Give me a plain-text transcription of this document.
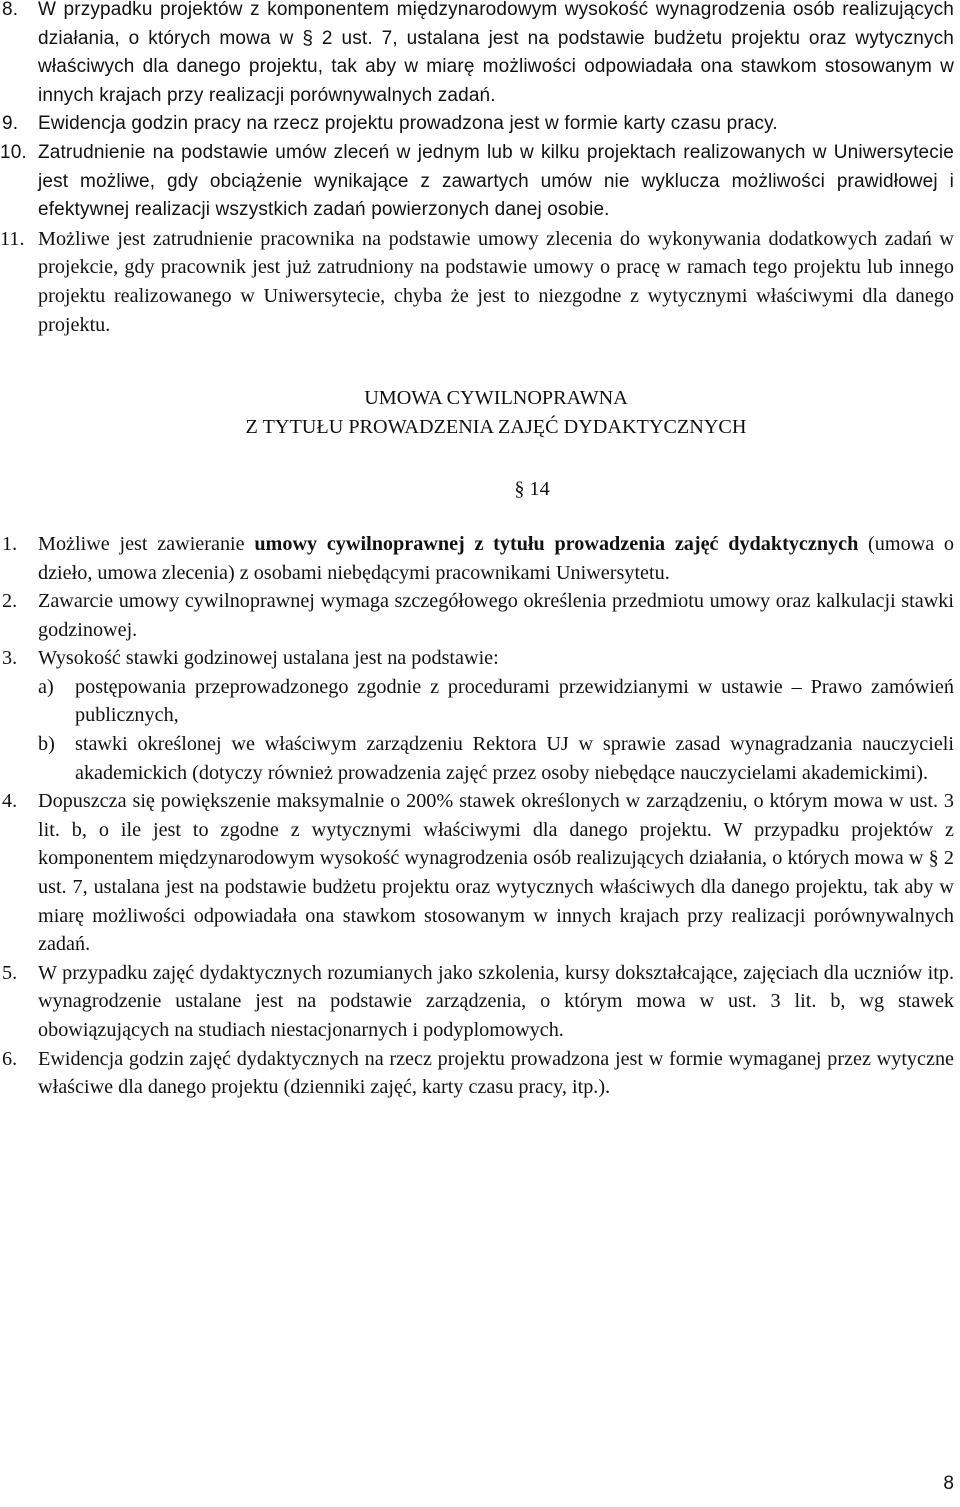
8. W przypadku projektów z komponentem międzynarodowym wysokość wynagrodzenia osób realizujących działania, o których mowa w § 2 ust. 7, ustalana jest na podstawie budżetu projektu oraz wytycznych właściwych dla danego projektu, tak aby w miarę możliwości odpowiadała ona stawkom stosowanym w innych krajach przy realizacji porównywalnych zadań.
9. Ewidencja godzin pracy na rzecz projektu prowadzona jest w formie karty czasu pracy.
10. Zatrudnienie na podstawie umów zleceń w jednym lub w kilku projektach realizowanych w Uniwersytecie jest możliwe, gdy obciążenie wynikające z zawartych umów nie wyklucza możliwości prawidłowej i efektywnej realizacji wszystkich zadań powierzonych danej osobie.
11. Możliwe jest zatrudnienie pracownika na podstawie umowy zlecenia do wykonywania dodatkowych zadań w projekcie, gdy pracownik jest już zatrudniony na podstawie umowy o pracę w ramach tego projektu lub innego projektu realizowanego w Uniwersytecie, chyba że jest to niezgodne z wytycznymi właściwymi dla danego projektu.
UMOWA CYWILNOPRAWNA
Z TYTUŁU PROWADZENIA ZAJĘĆ DYDAKTYCZNYCH
§ 14
1. Możliwe jest zawieranie umowy cywilnoprawnej z tytułu prowadzenia zajęć dydaktycznych (umowa o dzieło, umowa zlecenia) z osobami niebędącymi pracownikami Uniwersytetu.
2. Zawarcie umowy cywilnoprawnej wymaga szczegółowego określenia przedmiotu umowy oraz kalkulacji stawki godzinowej.
3. Wysokość stawki godzinowej ustalana jest na podstawie:
a) postępowania przeprowadzonego zgodnie z procedurami przewidzianymi w ustawie – Prawo zamówień publicznych,
b) stawki określonej we właściwym zarządzeniu Rektora UJ w sprawie zasad wynagradzania nauczycieli akademickich (dotyczy również prowadzenia zajęć przez osoby niebędące nauczycielami akademickimi).
4. Dopuszcza się powiększenie maksymalnie o 200% stawek określonych w zarządzeniu, o którym mowa w ust. 3 lit. b, o ile jest to zgodne z wytycznymi właściwymi dla danego projektu. W przypadku projektów z komponentem międzynarodowym wysokość wynagrodzenia osób realizujących działania, o których mowa w § 2 ust. 7, ustalana jest na podstawie budżetu projektu oraz wytycznych właściwych dla danego projektu, tak aby w miarę możliwości odpowiadała ona stawkom stosowanym w innych krajach przy realizacji porównywalnych zadań.
5. W przypadku zajęć dydaktycznych rozumianych jako szkolenia, kursy dokształcające, zajęciach dla uczniów itp. wynagrodzenie ustalane jest na podstawie zarządzenia, o którym mowa w ust. 3 lit. b, wg stawek obowiązujących na studiach niestacjonarnych i podyplomowych.
6. Ewidencja godzin zajęć dydaktycznych na rzecz projektu prowadzona jest w formie wymaganej przez wytyczne właściwe dla danego projektu (dzienniki zajęć, karty czasu pracy, itp.).
8
